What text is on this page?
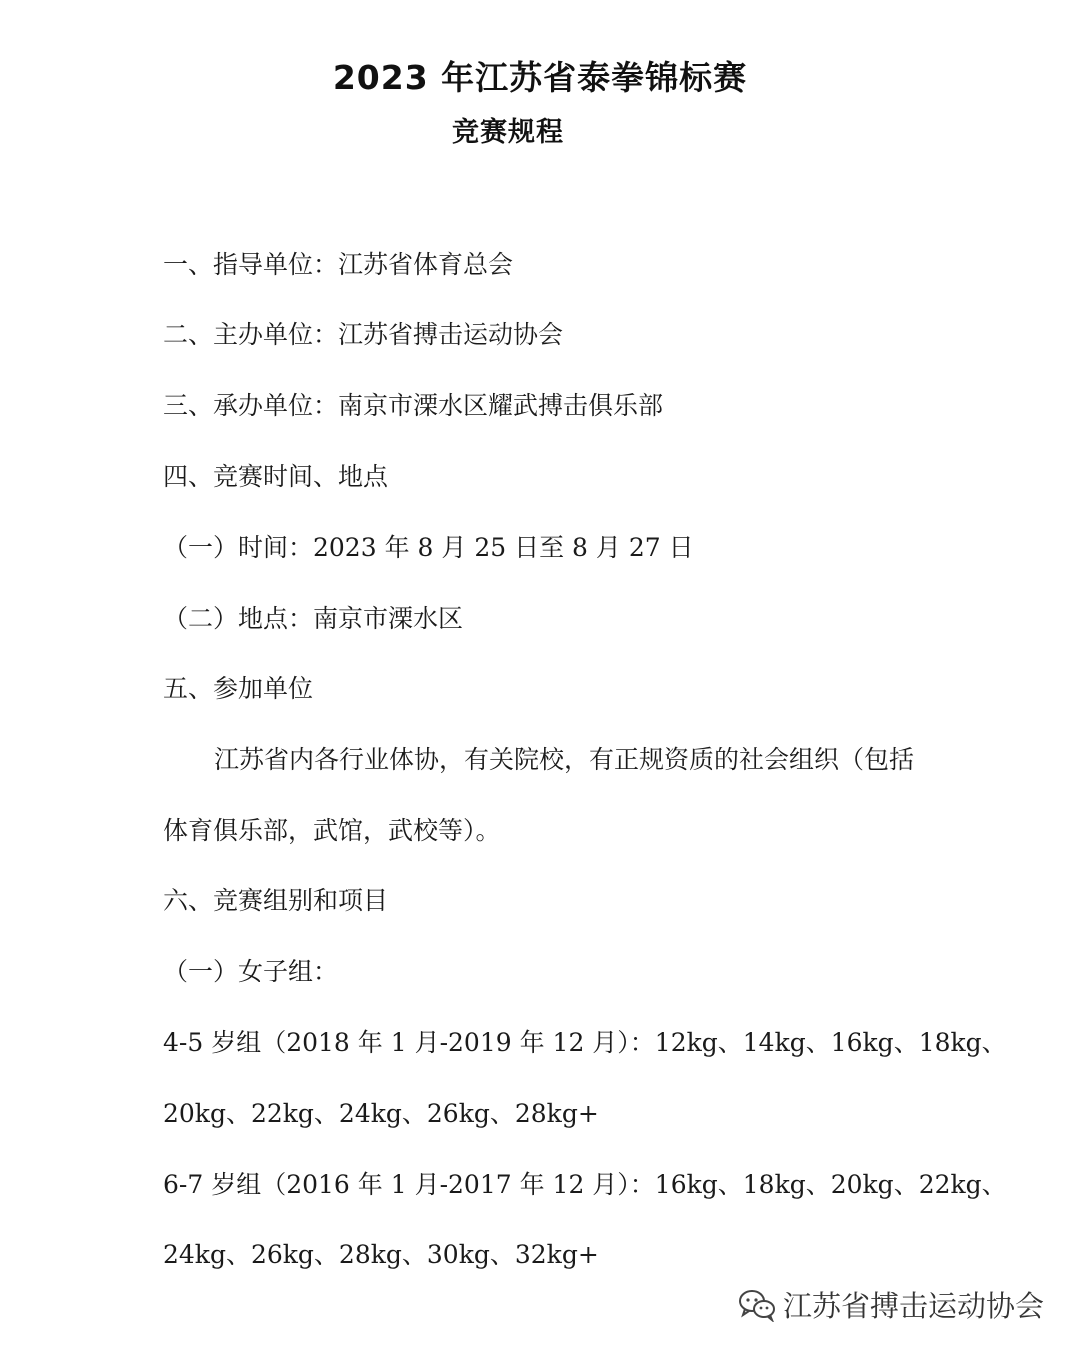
2023 年江苏省泰拳锦标赛
竞赛规程
一、指导单位：江苏省体育总会
二、主办单位：江苏省搏击运动协会
三、承办单位：南京市溧水区耀武搏击俱乐部
四、竞赛时间、地点
（一）时间：2023 年 8 月 25 日至 8 月 27 日
（二）地点：南京市溧水区
五、参加单位
江苏省内各行业体协，有关院校，有正规资质的社会组织（包括
体育俱乐部，武馆，武校等）。
六、竞赛组别和项目
（一）女子组：
4-5 岁组（2018 年 1 月-2019 年 12 月）：12kg、14kg、16kg、18kg、
20kg、22kg、24kg、26kg、28kg+
6-7 岁组（2016 年 1 月-2017 年 12 月）：16kg、18kg、20kg、22kg、
24kg、26kg、28kg、30kg、32kg+
江苏省搏击运动协会
